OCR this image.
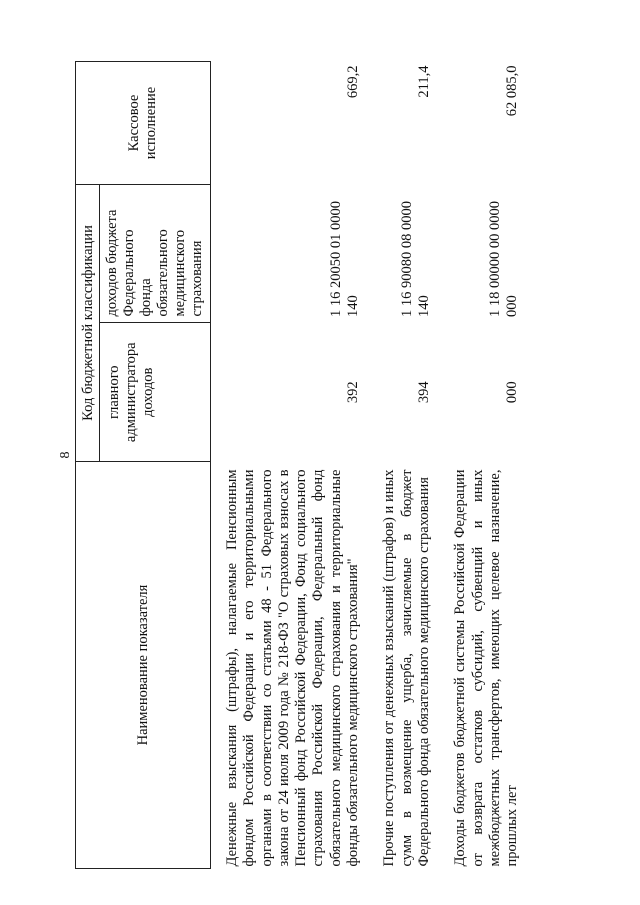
8
Наименование показателя	Код бюджетной классификации		Кассовое исполнение
	главного администратора доходов	доходов бюджета Федерального фонда обязательного медицинского страхования	
Денежные взыскания (штрафы), налагаемые Пенсионным фондом Российской Федерации и его территориальными органами в соответствии со статьями 48 - 51 Федерального закона от 24 июля 2009 года № 218-ФЗ "О страховых взносах в Пенсионный фонд Российской Федерации, Фонд социального страхования Российской Федерации, Федеральный фонд обязательного медицинского страхования и территориальные фонды обязательного медицинского страхования"	392	1 16 20050 01 0000 140	669,2
Прочие поступления от денежных взысканий (штрафов) и иных сумм в возмещение ущерба, зачисляемые в бюджет Федерального фонда обязательного медицинского страхования	394	1 16 90080 08 0000 140	211,4
Доходы бюджетов бюджетной системы Российской Федерации от возврата остатков субсидий, субвенций и иных межбюджетных трансфертов, имеющих целевое назначение, прошлых лет	000	1 18 00000 00 0000 000	62 085,0
